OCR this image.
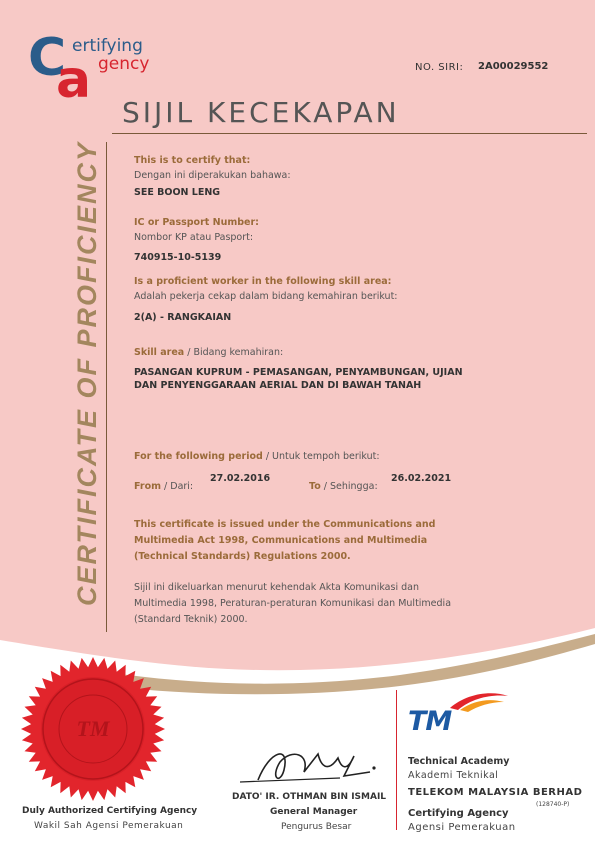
C
a
ertifying
gency	NO. SIRI: 2A00029552
SIJIL KECEKAPAN
CERTIFICATE OF PROFICIENCY	This is to certify that:
Dengan ini diperakukan bahawa:
SEE BOON LENG
IC or Passport Number:
Nombor KP atau Pasport:
740915-10-5139
Is a proficient worker in the following skill area:
Adalah pekerja cekap dalam bidang kemahiran berikut:
2(A) - RANGKAIAN
Skill area / Bidang kemahiran:
PASANGAN KUPRUM - PEMASANGAN, PENYAMBUNGAN, UJIAN
DAN PENYENGGARAAN AERIAL DAN DI BAWAH TANAH
For the following period / Untuk tempoh berikut:
From / Dari:
27.02.2016
To / Sehingga:
26.02.2021
This certificate is issued under the Communications and
Multimedia Act 1998, Communications and Multimedia
(Technical Standards) Regulations 2000.
Sijil ini dikeluarkan menurut kehendak Akta Komunikasi dan
Multimedia 1998, Peraturan-peraturan Komunikasi dan Multimedia
(Standard Teknik) 2000.
TM
Duly Authorized Certifying Agency
Wakil Sah Agensi Pemerakuan
DATO' IR. OTHMAN BIN ISMAIL
General Manager
Pengurus Besar
TM
Technical Academy
Akademi Teknikal
TELEKOM MALAYSIA BERHAD
(128740-P)
Certifying Agency
Agensi Pemerakuan
